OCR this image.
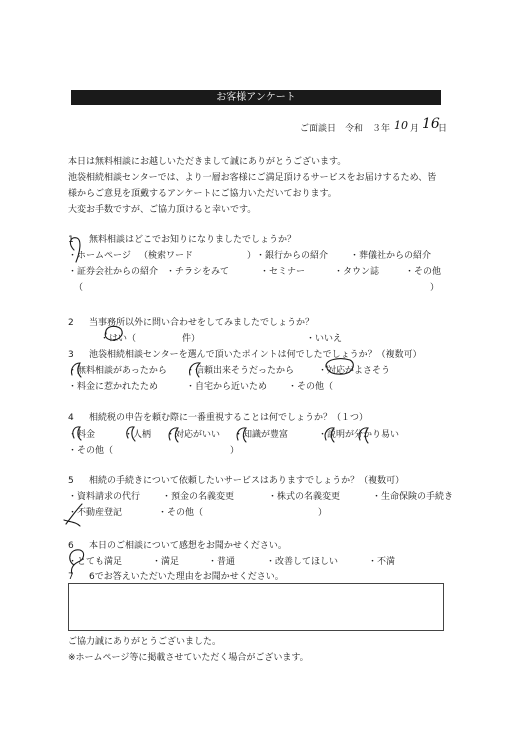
お客様アンケート
ご面談日　令和　３年 10 月 16
日
本日は無料相談にお越しいただきまして誠にありがとうございます。
池袋相続相談センターでは、より一層お客様にご満足頂けるサービスをお届けするため、皆
様からご意見を頂戴するアンケートにご協力いただいております。
大変お手数ですが、ご協力頂けると幸いです。
1 無料相談はどこでお知りになりましたでしょうか？
・ホームページ （検索ワード	） ・銀行からの紹介 ・葬儀社からの紹介
・証券会社からの紹介 ・チラシをみて	・セミナー	・タウン誌	・その他
（	）
2 当事務所以外に問い合わせをしてみましたでしょうか？
・はい（	件）	・いいえ
3 池袋相続相談センターを選んで頂いたポイントは何でしたでしょうか？（複数可）
・無料相談があったから ・信頼出来そうだったから	・対応がよさそう
・料金に惹かれたため	・自宅から近いため ・その他（
4 相続税の申告を頼む際に一番重視することは何でしょうか？（１つ）
・料金	・人柄 ・対応がいい ・知識が豊富	・説明が分かり易い
・その他（	）
5 相続の手続きについて依頼したいサービスはありますでしょうか？（複数可）
・資料請求の代行 ・預金の名義変更	・株式の名義変更	・生命保険の手続き
・不動産登記	・その他（	）
6 本日のご相談について感想をお聞かせください。
・とても満足	・満足	・普通	・改善してほしい	・不満
7 6でお答えいただいた理由をお聞かせください。
ご協力誠にありがとうございました。
※ホームページ等に掲載させていただく場合がございます。
